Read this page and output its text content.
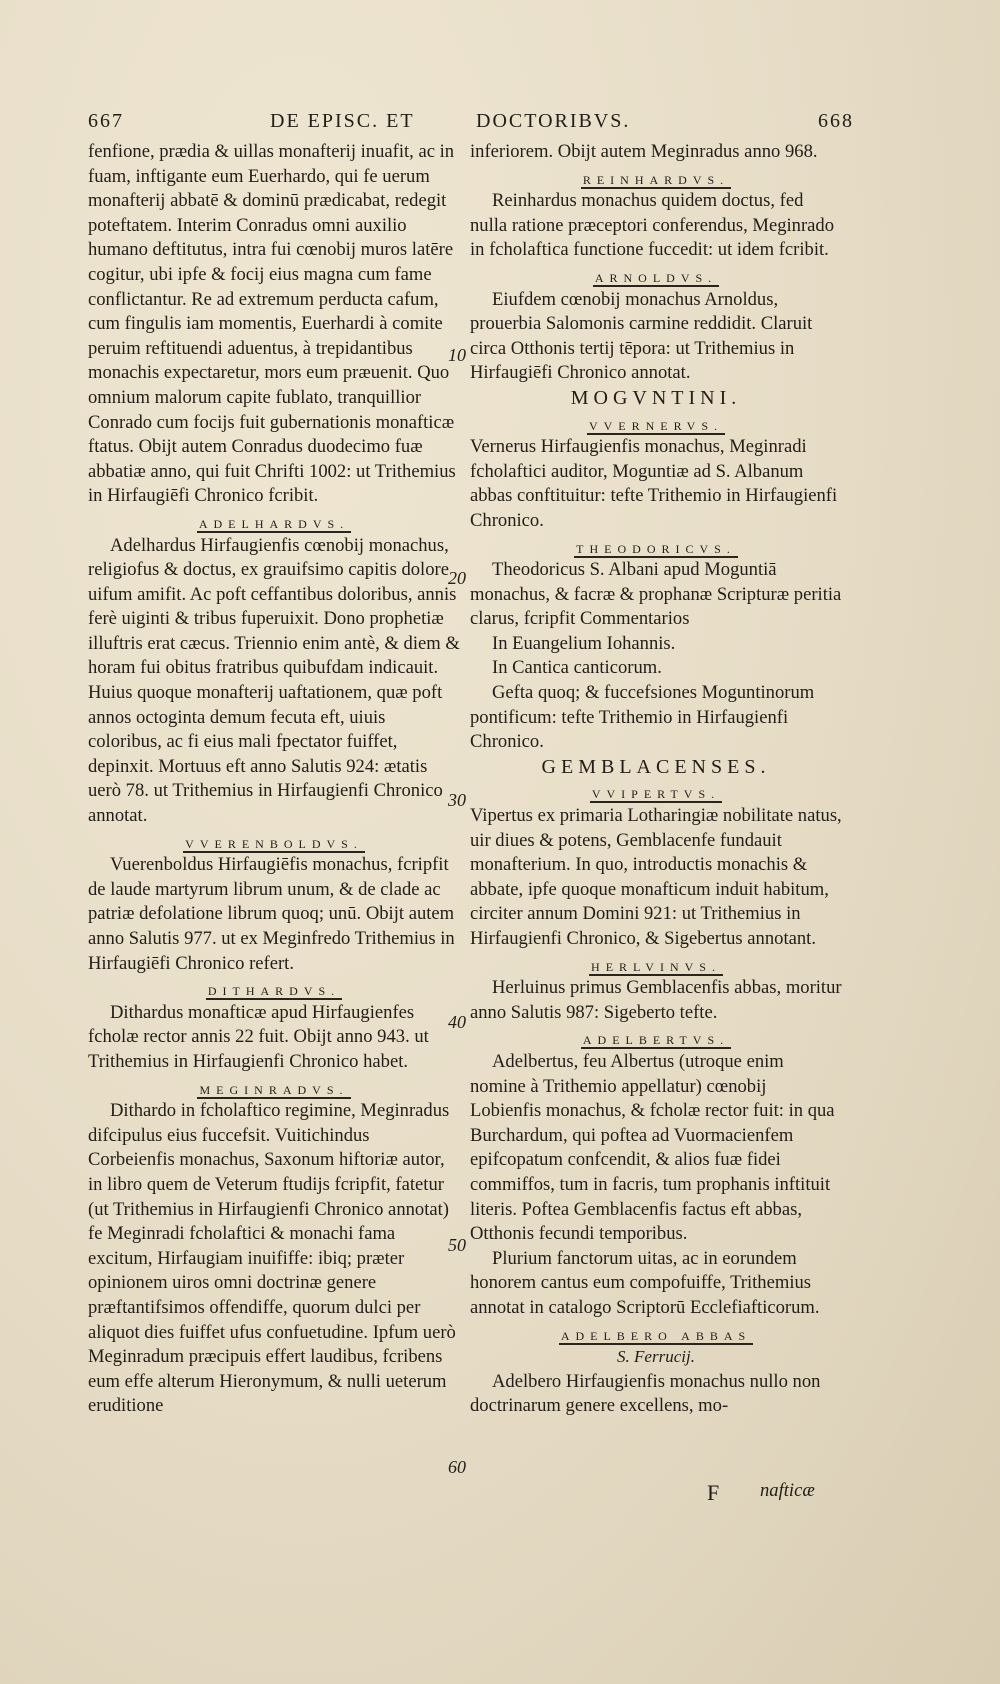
667	DE EPISC. ET	DOCTORIBVS.	668
10
20
30
40
50
60

fenfione, prædia & uillas monafterij inuafit, ac in fuam, inftigante eum Euerhardo, qui fe uerum monafterij abbatē & dominū prædicabat, redegit poteftatem. Interim Conradus omni auxilio humano deftitutus, intra fui cœnobij muros latēre cogitur, ubi ipfe & focij eius magna cum fame conflictantur. Re ad extremum perducta cafum, cum fingulis iam momentis, Euerhardi à comite peruim reftituendi aduentus, à trepidantibus monachis expectaretur, mors eum præuenit. Quo omnium malorum capite fublato, tranquillior Conrado cum focijs fuit gubernationis monafticæ ftatus. Obijt autem Conradus duodecimo fuæ abbatiæ anno, qui fuit Chrifti 1002: ut Trithemius in Hirfaugiēfi Chronico fcribit.

ADELHARDVS.

Adelhardus Hirfaugienfis cœnobij monachus, religiofus & doctus, ex grauifsimo capitis dolore uifum amifit. Ac poft ceffantibus doloribus, annis ferè uiginti & tribus fuperuixit. Dono prophetiæ illuftris erat cæcus. Triennio enim antè, & diem & horam fui obitus fratribus quibufdam indicauit. Huius quoque monafterij uaftationem, quæ poft annos octoginta demum fecuta eft, uiuis coloribus, ac fi eius mali fpectator fuiffet, depinxit. Mortuus eft anno Salutis 924: ætatis uerò 78. ut Trithemius in Hirfaugienfi Chronico annotat.

VVERENBOLDVS.

Vuerenboldus Hirfaugiēfis monachus, fcripfit de laude martyrum librum unum, & de clade ac patriæ defolatione librum quoq; unū. Obijt autem anno Salutis 977. ut ex Meginfredo Trithemius in Hirfaugiēfi Chronico refert.

DITHARDVS.

Dithardus monafticæ apud Hirfaugienfes fcholæ rector annis 22 fuit. Obijt anno 943. ut Trithemius in Hirfaugienfi Chronico habet.

MEGINRADVS.

Dithardo in fcholaftico regimine, Meginradus difcipulus eius fuccefsit. Vuitichindus Corbeienfis monachus, Saxonum hiftoriæ autor, in libro quem de Veterum ftudijs fcripfit, fatetur (ut Trithemius in Hirfaugienfi Chronico annotat) fe Meginradi fcholaftici & monachi fama excitum, Hirfaugiam inuififfe: ibiq; præter opinionem uiros omni doctrinæ genere præftantifsimos offendiffe, quorum dulci per aliquot dies fuiffet ufus confuetudine. Ipfum uerò Meginradum præcipuis effert laudibus, fcribens eum effe alterum Hieronymum, & nulli ueterum eruditione

inferiorem. Obijt autem Meginradus anno 968.

REINHARDVS.

Reinhardus monachus quidem doctus, fed nulla ratione præceptori conferendus, Meginrado in fcholaftica functione fuccedit: ut idem fcribit.

ARNOLDVS.

Eiufdem cœnobij monachus Arnoldus, prouerbia Salomonis carmine reddidit. Claruit circa Otthonis tertij tēpora: ut Trithemius in Hirfaugiēfi Chronico annotat.

MOGVNTINI.
VVERNERVS.

Vernerus Hirfaugienfis monachus, Meginradi fcholaftici auditor, Moguntiæ ad S. Albanum abbas conftituitur: tefte Trithemio in Hirfaugienfi Chronico.

THEODORICVS.

Theodoricus S. Albani apud Moguntiā monachus, & facræ & prophanæ Scripturæ peritia clarus, fcripfit Commentarios

In Euangelium Iohannis.

In Cantica canticorum.

Gefta quoq; & fuccefsiones Moguntinorum pontificum: tefte Trithemio in Hirfaugienfi Chronico.

GEMBLACENSES.
VVIPERTVS.

Vipertus ex primaria Lotharingiæ nobilitate natus, uir diues & potens, Gemblacenfe fundauit monafterium. In quo, introductis monachis & abbate, ipfe quoque monafticum induit habitum, circiter annum Domini 921: ut Trithemius in Hirfaugienfi Chronico, & Sigebertus annotant.

HERLVINVS.

Herluinus primus Gemblacenfis abbas, moritur anno Salutis 987: Sigeberto tefte.

ADELBERTVS.

Adelbertus, feu Albertus (utroque enim nomine à Trithemio appellatur) cœnobij Lobienfis monachus, & fcholæ rector fuit: in qua Burchardum, qui poftea ad Vuormacienfem epifcopatum confcendit, & alios fuæ fidei commiffos, tum in facris, tum prophanis inftituit literis. Poftea Gemblacenfis factus eft abbas, Otthonis fecundi temporibus.

Plurium fanctorum uitas, ac in eorundem honorem cantus eum compofuiffe, Trithemius annotat in catalogo Scriptorū Ecclefiafticorum.

ADELBERO ABBAS
S. Ferrucij.

Adelbero Hirfaugienfis monachus nullo non doctrinarum genere excellens, mo-

F nafticæ
